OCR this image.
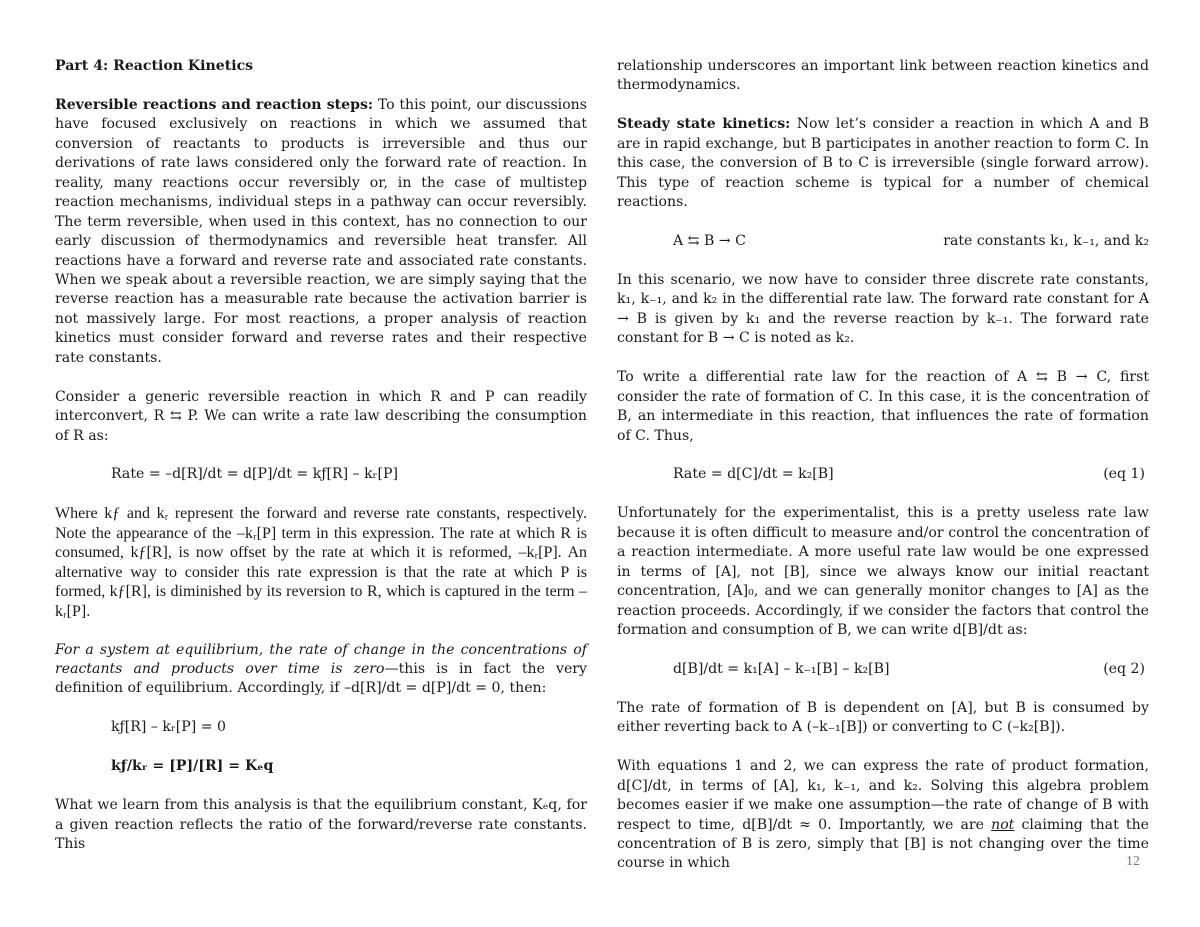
Part 4: Reaction Kinetics

Reversible reactions and reaction steps: To this point, our discussions have focused exclusively on reactions in which we assumed that conversion of reactants to products is irreversible and thus our derivations of rate laws considered only the forward rate of reaction. In reality, many reactions occur reversibly or, in the case of multistep reaction mechanisms, individual steps in a pathway can occur reversibly. The term reversible, when used in this context, has no connection to our early discussion of thermodynamics and reversible heat transfer. All reactions have a forward and reverse rate and associated rate constants. When we speak about a reversible reaction, we are simply saying that the reverse reaction has a measurable rate because the activation barrier is not massively large. For most reactions, a proper analysis of reaction kinetics must consider forward and reverse rates and their respective rate constants.

Consider a generic reversible reaction in which R and P can readily interconvert, R ⇆ P. We can write a rate law describing the consumption of R as:

Rate = –d[R]/dt = d[P]/dt = kƒ[R] – kᵣ[P]

Where kƒ and kᵣ represent the forward and reverse rate constants, respectively. Note the appearance of the –kᵣ[P] term in this expression. The rate at which R is consumed, kƒ[R], is now offset by the rate at which it is reformed, –kᵣ[P]. An alternative way to consider this rate expression is that the rate at which P is formed, kƒ[R], is diminished by its reversion to R, which is captured in the term –kᵣ[P].

For a system at equilibrium, the rate of change in the concentrations of reactants and products over time is zero—this is in fact the very definition of equilibrium. Accordingly, if –d[R]/dt = d[P]/dt = 0, then:

kƒ[R] – kᵣ[P] = 0
kƒ/kᵣ = [P]/[R] = Kₑq

What we learn from this analysis is that the equilibrium constant, Kₑq, for a given reaction reflects the ratio of the forward/reverse rate constants. This

relationship underscores an important link between reaction kinetics and thermodynamics.

Steady state kinetics: Now let’s consider a reaction in which A and B are in rapid exchange, but B participates in another reaction to form C. In this case, the conversion of B to C is irreversible (single forward arrow). This type of reaction scheme is typical for a number of chemical reactions.

A ⇆ B → C	rate constants k₁, k₋₁, and k₂

In this scenario, we now have to consider three discrete rate constants, k₁, k₋₁, and k₂ in the differential rate law. The forward rate constant for A → B is given by k₁ and the reverse reaction by k₋₁. The forward rate constant for B → C is noted as k₂.

To write a differential rate law for the reaction of A ⇆ B → C, first consider the rate of formation of C. In this case, it is the concentration of B, an intermediate in this reaction, that influences the rate of formation of C. Thus,

Rate = d[C]/dt = k₂[B]	(eq 1)

Unfortunately for the experimentalist, this is a pretty useless rate law because it is often difficult to measure and/or control the concentration of a reaction intermediate. A more useful rate law would be one expressed in terms of [A], not [B], since we always know our initial reactant concentration, [A]₀, and we can generally monitor changes to [A] as the reaction proceeds. Accordingly, if we consider the factors that control the formation and consumption of B, we can write d[B]/dt as:

d[B]/dt = k₁[A] – k₋₁[B] – k₂[B]	(eq 2)

The rate of formation of B is dependent on [A], but B is consumed by either reverting back to A (–k₋₁[B]) or converting to C (–k₂[B]).

With equations 1 and 2, we can express the rate of product formation, d[C]/dt, in terms of [A], k₁, k₋₁, and k₂. Solving this algebra problem becomes easier if we make one assumption—the rate of change of B with respect to time, d[B]/dt ≈ 0. Importantly, we are not claiming that the concentration of B is zero, simply that [B] is not changing over the time course in which	12
